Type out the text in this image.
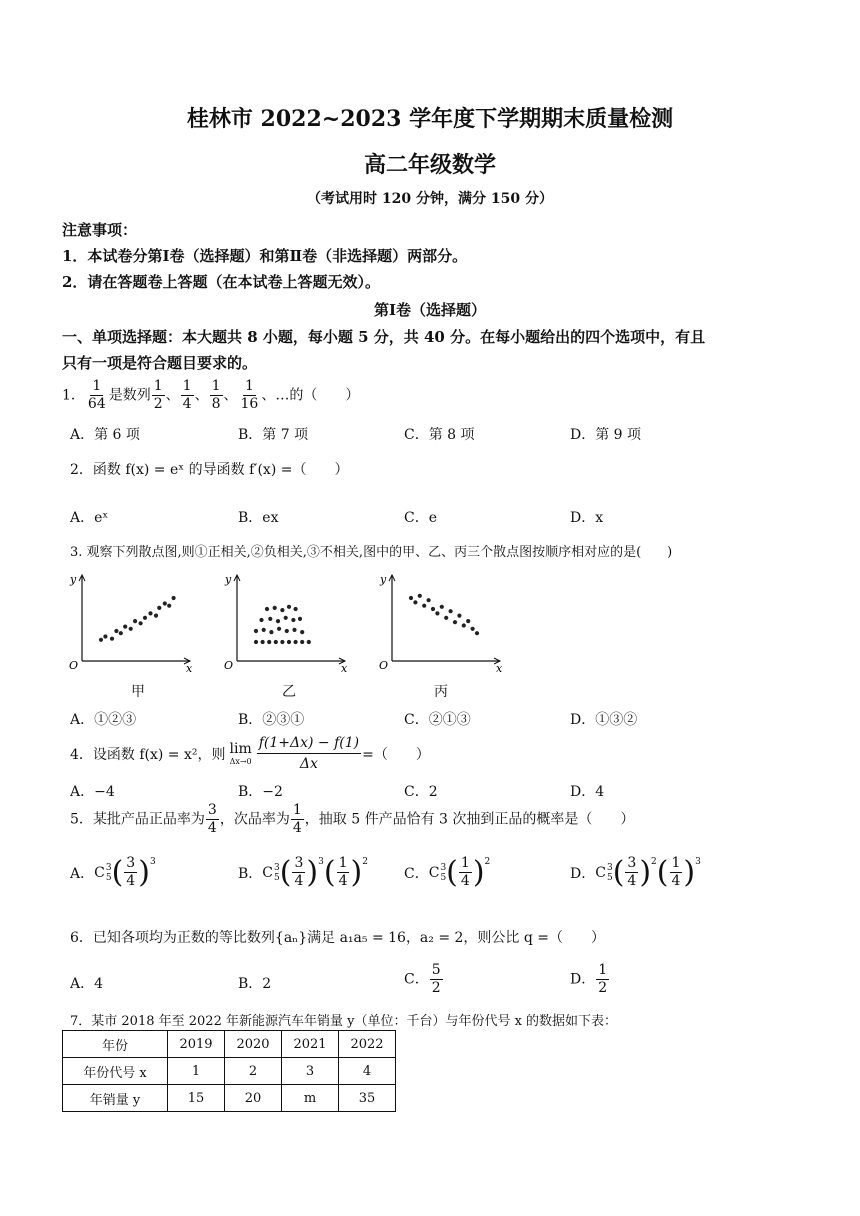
桂林市 2022~2023 学年度下学期期末质量检测
高二年级数学
（考试用时 120 分钟，满分 150 分）
注意事项：
1．本试卷分第Ⅰ卷（选择题）和第Ⅱ卷（非选择题）两部分。
2．请在答题卷上答题（在本试卷上答题无效）。
第Ⅰ卷（选择题）
一、单项选择题：本大题共 8 小题，每小题 5 分，共 40 分。在每小题给出的四个选项中，有且
只有一项是符合题目要求的。
1． $\frac{1}{64}$ 是数列 $\frac{1}{2}$ 、 $\frac{1}{4}$ 、 $\frac{1}{8}$ 、 $\frac{1}{16}$ 、…的（　　）
A．第 6 项	B．第 7 项	C．第 8 项	D．第 9 项
2．函数 f(x) = eˣ 的导函数 f′(x) =（　　）
A．eˣ	B．ex	C．e	D．x
3. 观察下列散点图,则①正相关,②负相关,③不相关,图中的甲、乙、丙三个散点图按顺序相对应的是(　　)
y
x
O
y
x
O
y
x
O
甲	乙	丙
A．①②③	B．②③①	C．②①③	D．①③②
4．设函数 f(x) = x²，则 lim
$\Delta x\to 0 \frac{f(1+\Delta x) - f(1)}{\Delta x}$ =（　　）
A．−4	B．−2	C．2	D．4
5．某批产品正品率为 $\frac{3}{4}$ ，次品率为 $\frac{1}{4}$ ，抽取 5 件产品恰有 3 次抽到正品的概率是（　　）
A． C 3
5 ( $\frac{3}{4}$ ) 3
B． C 3
5 ( $\frac{3}{4}$ ) 3 ( $\frac{1}{4}$ ) 2
C． C 3
5 ( $\frac{1}{4}$ ) 2
D． C 3
5 ( $\frac{3}{4}$ ) 2 ( $\frac{1}{4}$ ) 3
6．已知各项均为正数的等比数列{aₙ}满足 a₁a₅ = 16，a₂ = 2，则公比 q =（　　）
A．4	B．2	C． $\frac{5}{2}$	D． $\frac{1}{2}$
7．某市 2018 年至 2022 年新能源汽车年销量 y（单位：千台）与年份代号 x 的数据如下表：
年份	2019	2020	2021	2022
年份代号 x	1	2	3	4
年销量 y	15	20	m	35
